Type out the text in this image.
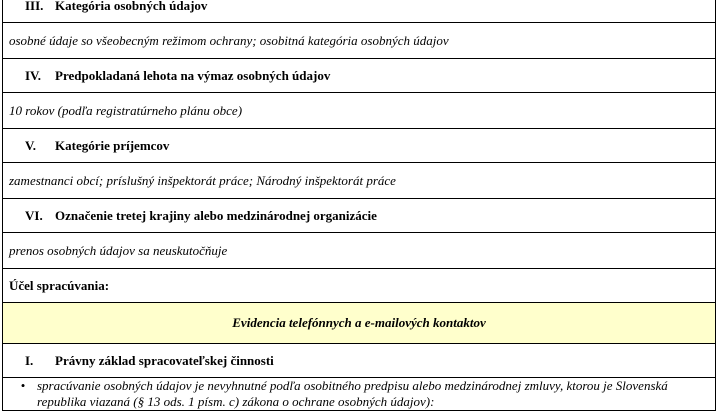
III. Kategória osobných údajov
osobné údaje so všeobecným režimom ochrany; osobitná kategória osobných údajov
IV. Predpokladaná lehota na výmaz osobných údajov
10 rokov (podľa registratúrneho plánu obce)
V. Kategórie príjemcov
zamestnanci obcí; príslušný inšpektorát práce; Národný inšpektorát práce
VI. Označenie tretej krajiny alebo medzinárodnej organizácie
prenos osobných údajov sa neuskutočňuje
Účel spracúvania:
Evidencia telefónnych a e-mailových kontaktov
I. Právny základ spracovateľskej činnosti

• spracúvanie osobných údajov je nevyhnutné podľa osobitného predpisu alebo medzinárodnej zmluvy, ktorou je Slovenská republika viazaná (§ 13 ods. 1 písm. c) zákona o ochrane osobných údajov):
